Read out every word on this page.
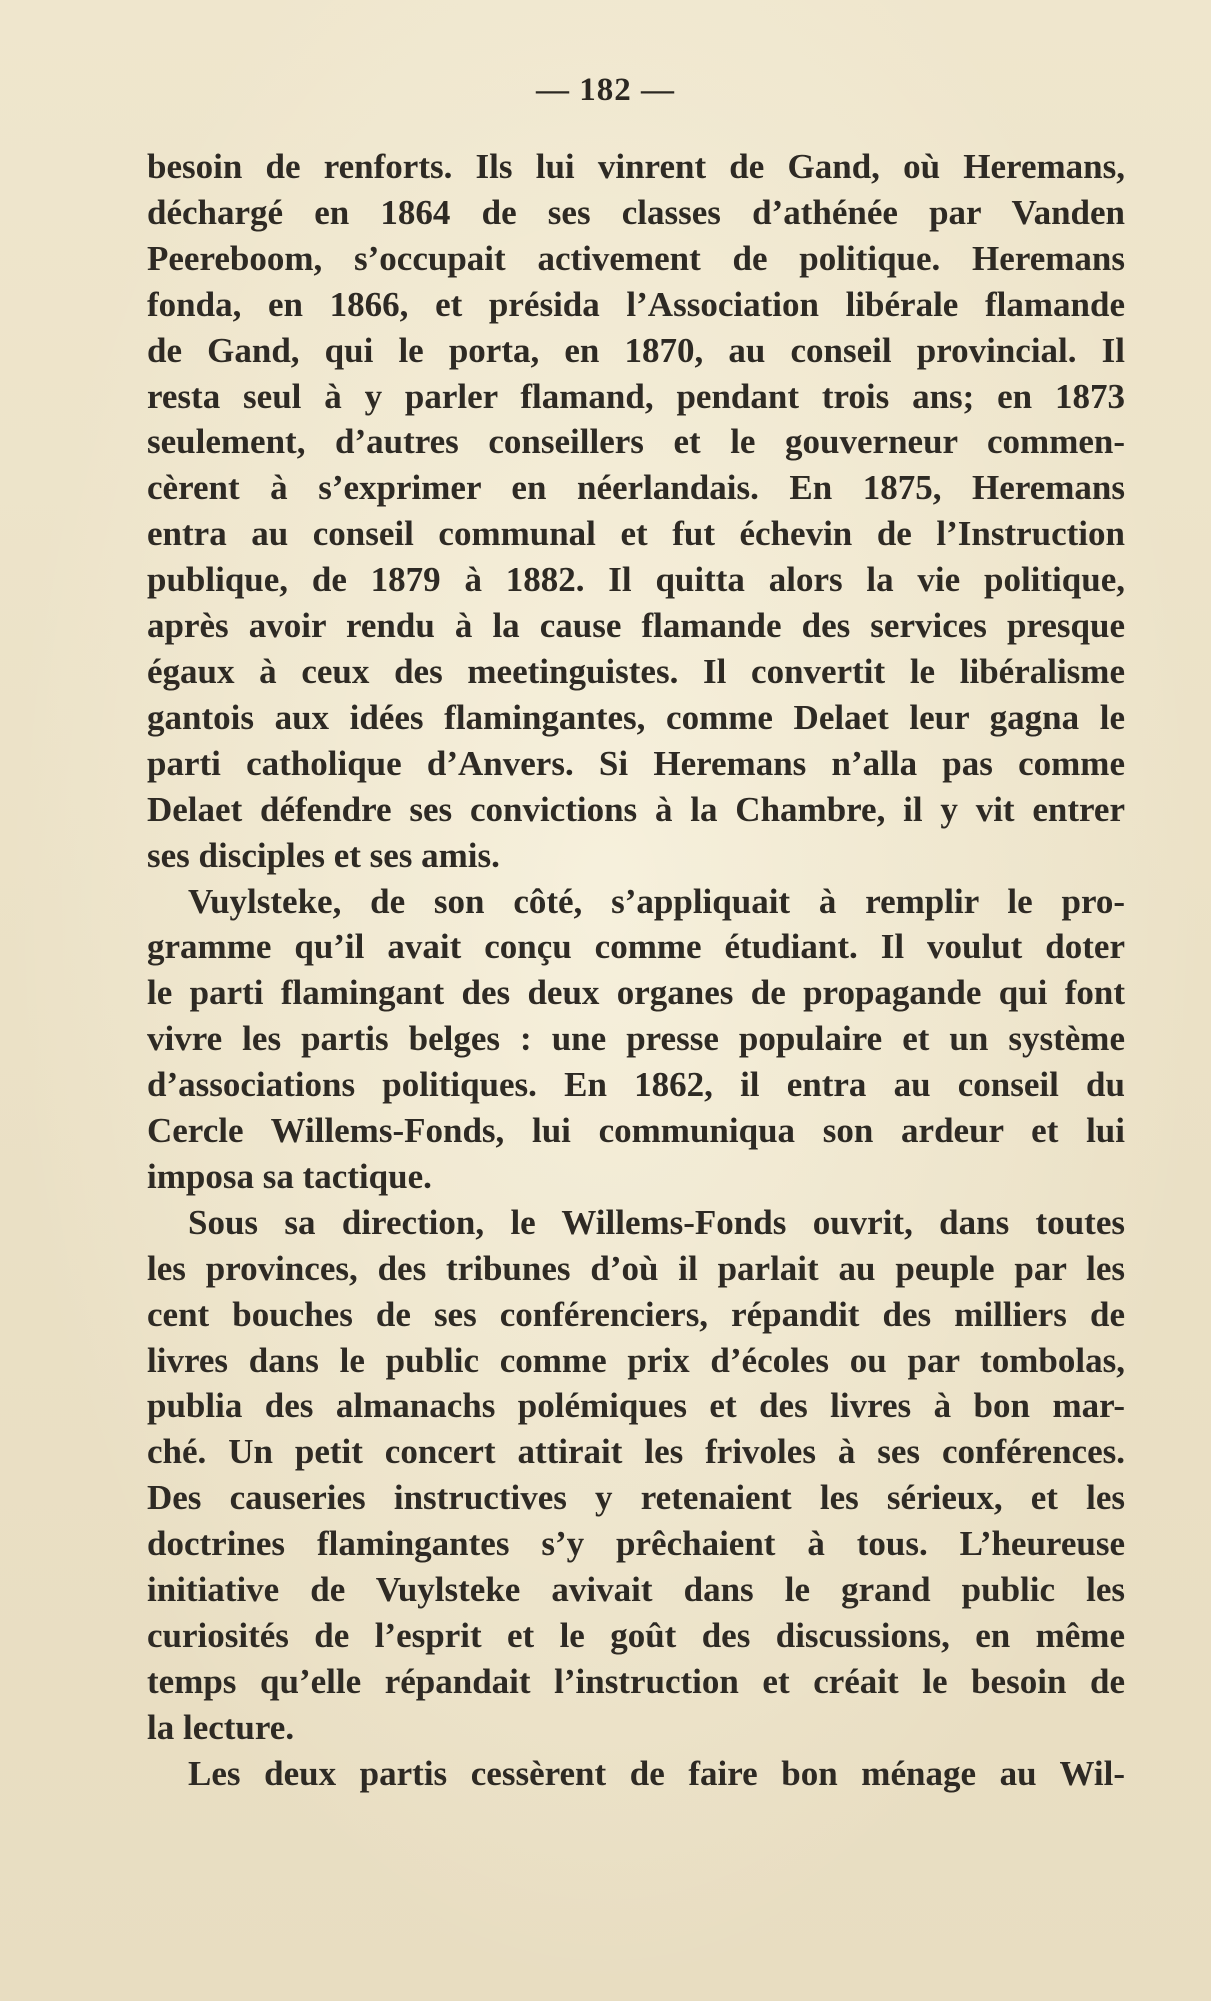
— 182 —

besoin de renforts. Ils lui vinrent de Gand, où Heremans,
déchargé en 1864 de ses classes d’athénée par Vanden
Peereboom, s’occupait activement de politique. Heremans
fonda, en 1866, et présida l’Association libérale flamande
de Gand, qui le porta, en 1870, au conseil provincial. Il
resta seul à y parler flamand, pendant trois ans; en 1873
seulement, d’autres conseillers et le gouverneur commen-
cèrent à s’exprimer en néerlandais. En 1875, Heremans
entra au conseil communal et fut échevin de l’Instruction
publique, de 1879 à 1882. Il quitta alors la vie politique,
après avoir rendu à la cause flamande des services presque
égaux à ceux des meetinguistes. Il convertit le libéralisme
gantois aux idées flamingantes, comme Delaet leur gagna le
parti catholique d’Anvers. Si Heremans n’alla pas comme
Delaet défendre ses convictions à la Chambre, il y vit entrer
ses disciples et ses amis.

Vuylsteke, de son côté, s’appliquait à remplir le pro-
gramme qu’il avait conçu comme étudiant. Il voulut doter
le parti flamingant des deux organes de propagande qui font
vivre les partis belges : une presse populaire et un système
d’associations politiques. En 1862, il entra au conseil du
Cercle Willems-Fonds, lui communiqua son ardeur et lui
imposa sa tactique.

Sous sa direction, le Willems-Fonds ouvrit, dans toutes
les provinces, des tribunes d’où il parlait au peuple par les
cent bouches de ses conférenciers, répandit des milliers de
livres dans le public comme prix d’écoles ou par tombolas,
publia des almanachs polémiques et des livres à bon mar-
ché. Un petit concert attirait les frivoles à ses conférences.
Des causeries instructives y retenaient les sérieux, et les
doctrines flamingantes s’y prêchaient à tous. L’heureuse
initiative de Vuylsteke avivait dans le grand public les
curiosités de l’esprit et le goût des discussions, en même
temps qu’elle répandait l’instruction et créait le besoin de
la lecture.

Les deux partis cessèrent de faire bon ménage au Wil-
